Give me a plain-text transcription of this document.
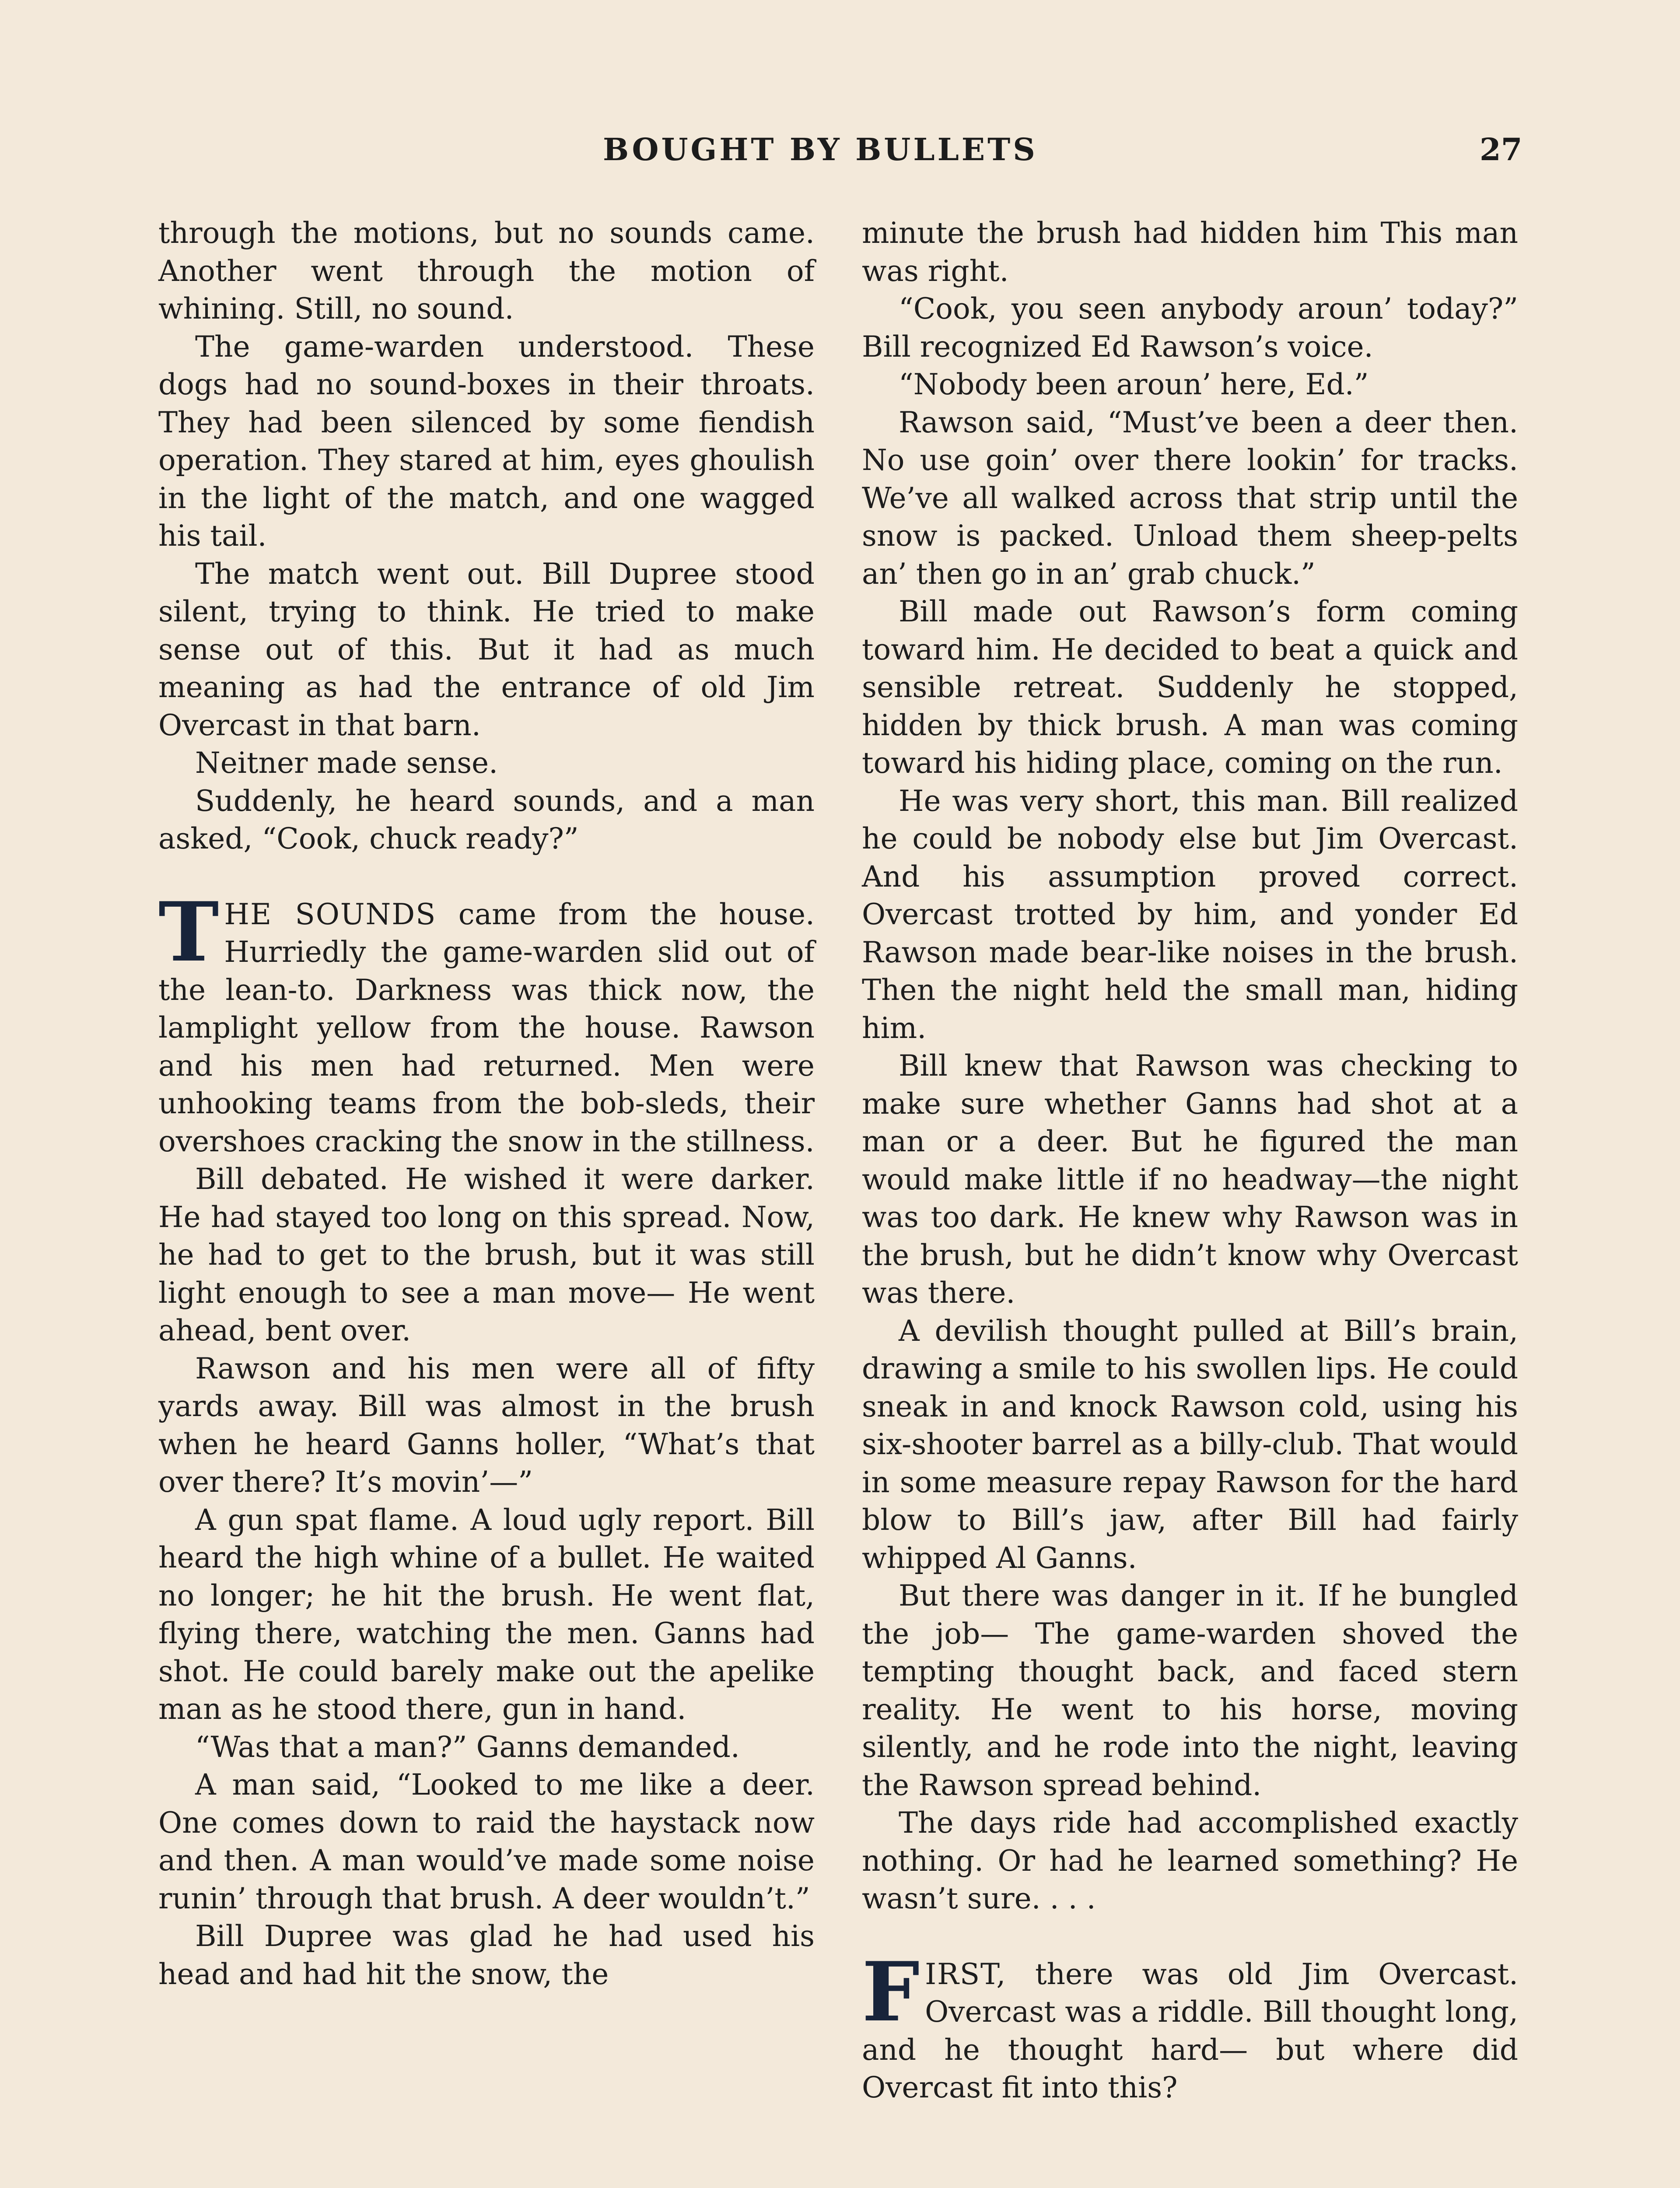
BOUGHT BY BULLETS	27

through the motions, but no sounds came. Another went through the motion of whining. Still, no sound.

The game-warden understood. These dogs had no sound-boxes in their throats. They had been silenced by some fiendish operation. They stared at him, eyes ghoulish in the light of the match, and one wagged his tail.

The match went out. Bill Dupree stood silent, trying to think. He tried to make sense out of this. But it had as much meaning as had the entrance of old Jim Overcast in that barn.

Neitner made sense.

Suddenly, he heard sounds, and a man asked, “Cook, chuck ready?”

THE SOUNDS came from the house. Hurriedly the game-warden slid out of the lean-to. Darkness was thick now, the lamplight yellow from the house. Rawson and his men had returned. Men were unhooking teams from the bob-sleds, their overshoes cracking the snow in the stillness.

Bill debated. He wished it were darker. He had stayed too long on this spread. Now, he had to get to the brush, but it was still light enough to see a man move— He went ahead, bent over.

Rawson and his men were all of fifty yards away. Bill was almost in the brush when he heard Ganns holler, “What’s that over there? It’s movin’—”

A gun spat flame. A loud ugly report. Bill heard the high whine of a bullet. He waited no longer; he hit the brush. He went flat, flying there, watching the men. Ganns had shot. He could barely make out the apelike man as he stood there, gun in hand.

“Was that a man?” Ganns demanded.

A man said, “Looked to me like a deer. One comes down to raid the haystack now and then. A man would’ve made some noise runin’ through that brush. A deer wouldn’t.”

Bill Dupree was glad he had used his head and had hit the snow, the

minute the brush had hidden him This man was right.

“Cook, you seen anybody aroun’ today?” Bill recognized Ed Rawson’s voice.

“Nobody been aroun’ here, Ed.”

Rawson said, “Must’ve been a deer then. No use goin’ over there lookin’ for tracks. We’ve all walked across that strip until the snow is packed. Unload them sheep-pelts an’ then go in an’ grab chuck.”

Bill made out Rawson’s form coming toward him. He decided to beat a quick and sensible retreat. Suddenly he stopped, hidden by thick brush. A man was coming toward his hiding place, coming on the run.

He was very short, this man. Bill realized he could be nobody else but Jim Overcast. And his assumption proved correct. Overcast trotted by him, and yonder Ed Rawson made bear-like noises in the brush. Then the night held the small man, hiding him.

Bill knew that Rawson was checking to make sure whether Ganns had shot at a man or a deer. But he figured the man would make little if no headway—the night was too dark. He knew why Rawson was in the brush, but he didn’t know why Overcast was there.

A devilish thought pulled at Bill’s brain, drawing a smile to his swollen lips. He could sneak in and knock Rawson cold, using his six-shooter barrel as a billy-club. That would in some measure repay Rawson for the hard blow to Bill’s jaw, after Bill had fairly whipped Al Ganns.

But there was danger in it. If he bungled the job— The game-warden shoved the tempting thought back, and faced stern reality. He went to his horse, moving silently, and he rode into the night, leaving the Rawson spread behind.

The days ride had accomplished exactly nothing. Or had he learned something? He wasn’t sure. . . .

FIRST, there was old Jim Overcast. Overcast was a riddle. Bill thought long, and he thought hard— but where did Overcast fit into this?
